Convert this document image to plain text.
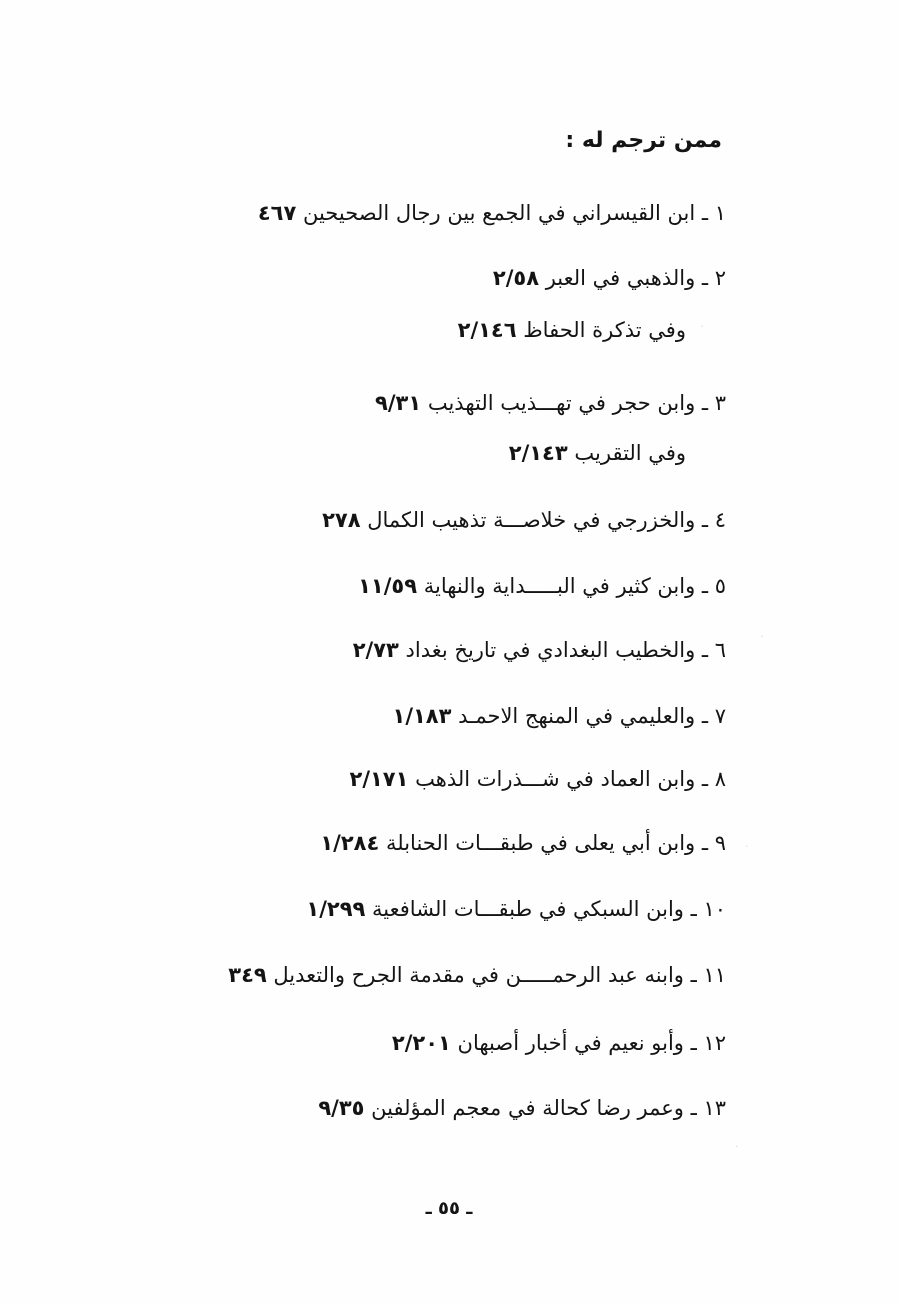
ممن ترجم له :
١ ـ ابن القيسراني في الجمع بين رجال الصحيحين ٤٦٧
٢ ـ والذهبي في العبر ٢/٥٨
وفي تذكرة الحفاظ ٢/١٤٦
٣ ـ وابن حجر في تهـــذيب التهذيب ٩/٣١
وفي التقريب ٢/١٤٣
٤ ـ والخزرجي في خلاصـــة تذهيب الكمال ٢٧٨
٥ ـ وابن كثير في البـــــداية والنهاية ١١/٥٩
٦ ـ والخطيب البغدادي في تاريخ بغداد ٢/٧٣
٧ ـ والعليمي في المنهج الاحمـد ١/١٨٣
٨ ـ وابن العماد في شـــذرات الذهب ٢/١٧١
٩ ـ وابن أبي يعلى في طبقـــات الحنابلة ١/٢٨٤
١٠ ـ وابن السبكي في طبقـــات الشافعية ١/٢٩٩
١١ ـ وابنه عبد الرحمـــــن في مقدمة الجرح والتعديل ٣٤٩
١٢ ـ وأبو نعيم في أخبار أصبهان ٢/٢٠١
١٣ ـ وعمر رضا كحالة في معجم المؤلفين ٩/٣٥
ـ ٥٥ ـ
·
·
·
·
